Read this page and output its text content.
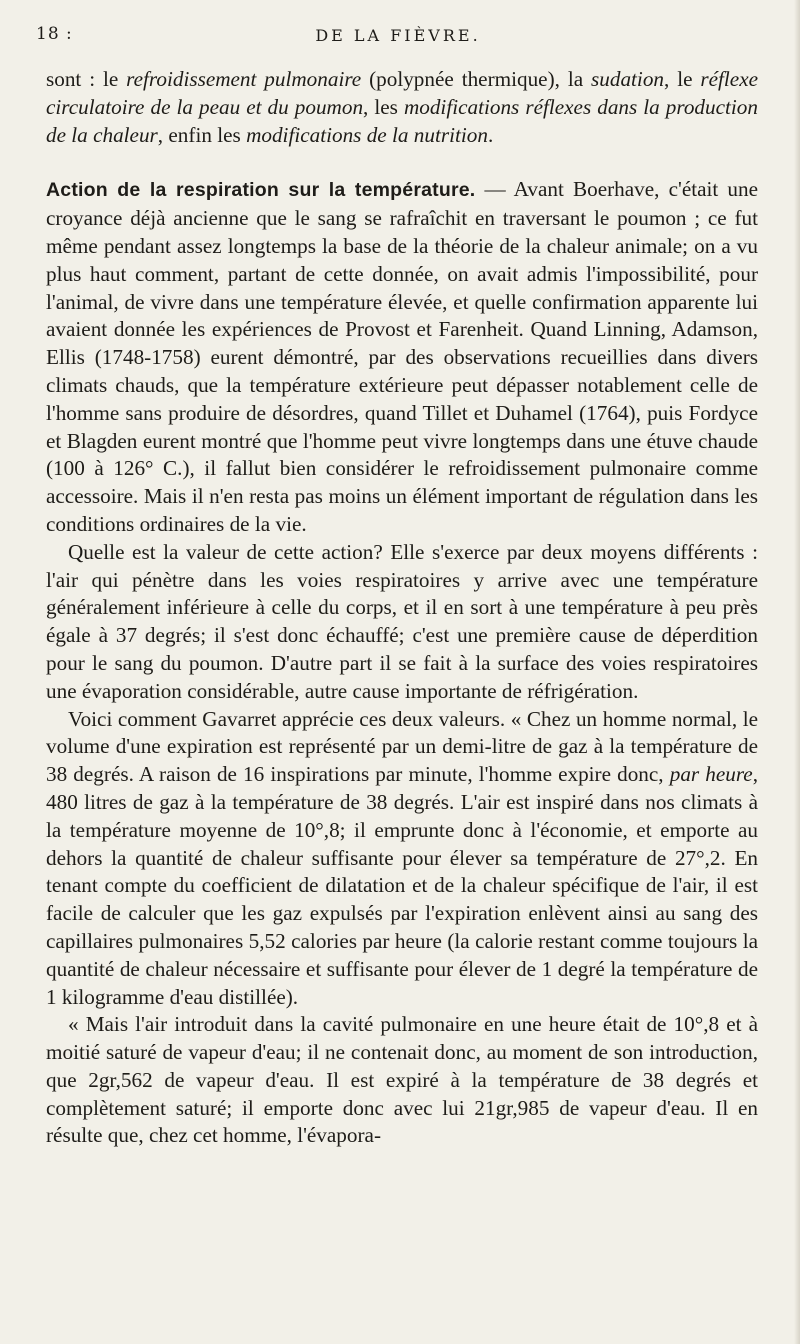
18 :	DE LA FIÈVRE.

sont : le refroidissement pulmonaire (polypnée thermique), la sudation, le réflexe circulatoire de la peau et du poumon, les modifications réflexes dans la production de la chaleur, enfin les modifications de la nutrition.

Action de la respiration sur la température. — Avant Boerhave, c'était une croyance déjà ancienne que le sang se rafraîchit en traversant le poumon ; ce fut même pendant assez longtemps la base de la théorie de la chaleur animale; on a vu plus haut comment, partant de cette donnée, on avait admis l'impossibilité, pour l'animal, de vivre dans une température élevée, et quelle confirmation apparente lui avaient donnée les expériences de Provost et Farenheit. Quand Linning, Adamson, Ellis (1748-1758) eurent démontré, par des observations recueillies dans divers climats chauds, que la température extérieure peut dépasser notablement celle de l'homme sans produire de désordres, quand Tillet et Duhamel (1764), puis Fordyce et Blagden eurent montré que l'homme peut vivre longtemps dans une étuve chaude (100 à 126° C.), il fallut bien considérer le refroidissement pulmonaire comme accessoire. Mais il n'en resta pas moins un élément important de régulation dans les conditions ordinaires de la vie.

Quelle est la valeur de cette action? Elle s'exerce par deux moyens différents : l'air qui pénètre dans les voies respiratoires y arrive avec une température généralement inférieure à celle du corps, et il en sort à une température à peu près égale à 37 degrés; il s'est donc échauffé; c'est une première cause de déperdition pour le sang du poumon. D'autre part il se fait à la surface des voies respiratoires une évaporation considérable, autre cause importante de réfrigération.

Voici comment Gavarret apprécie ces deux valeurs. « Chez un homme normal, le volume d'une expiration est représenté par un demi-litre de gaz à la température de 38 degrés. A raison de 16 inspirations par minute, l'homme expire donc, par heure, 480 litres de gaz à la température de 38 degrés. L'air est inspiré dans nos climats à la température moyenne de 10°,8; il emprunte donc à l'économie, et emporte au dehors la quantité de chaleur suffisante pour élever sa température de 27°,2. En tenant compte du coefficient de dilatation et de la chaleur spécifique de l'air, il est facile de calculer que les gaz expulsés par l'expiration enlèvent ainsi au sang des capillaires pulmonaires 5,52 calories par heure (la calorie restant comme toujours la quantité de chaleur nécessaire et suffisante pour élever de 1 degré la température de 1 kilogramme d'eau distillée).

« Mais l'air introduit dans la cavité pulmonaire en une heure était de 10°,8 et à moitié saturé de vapeur d'eau; il ne contenait donc, au moment de son introduction, que 2gr,562 de vapeur d'eau. Il est expiré à la température de 38 degrés et complètement saturé; il emporte donc avec lui 21gr,985 de vapeur d'eau. Il en résulte que, chez cet homme, l'évapora-
